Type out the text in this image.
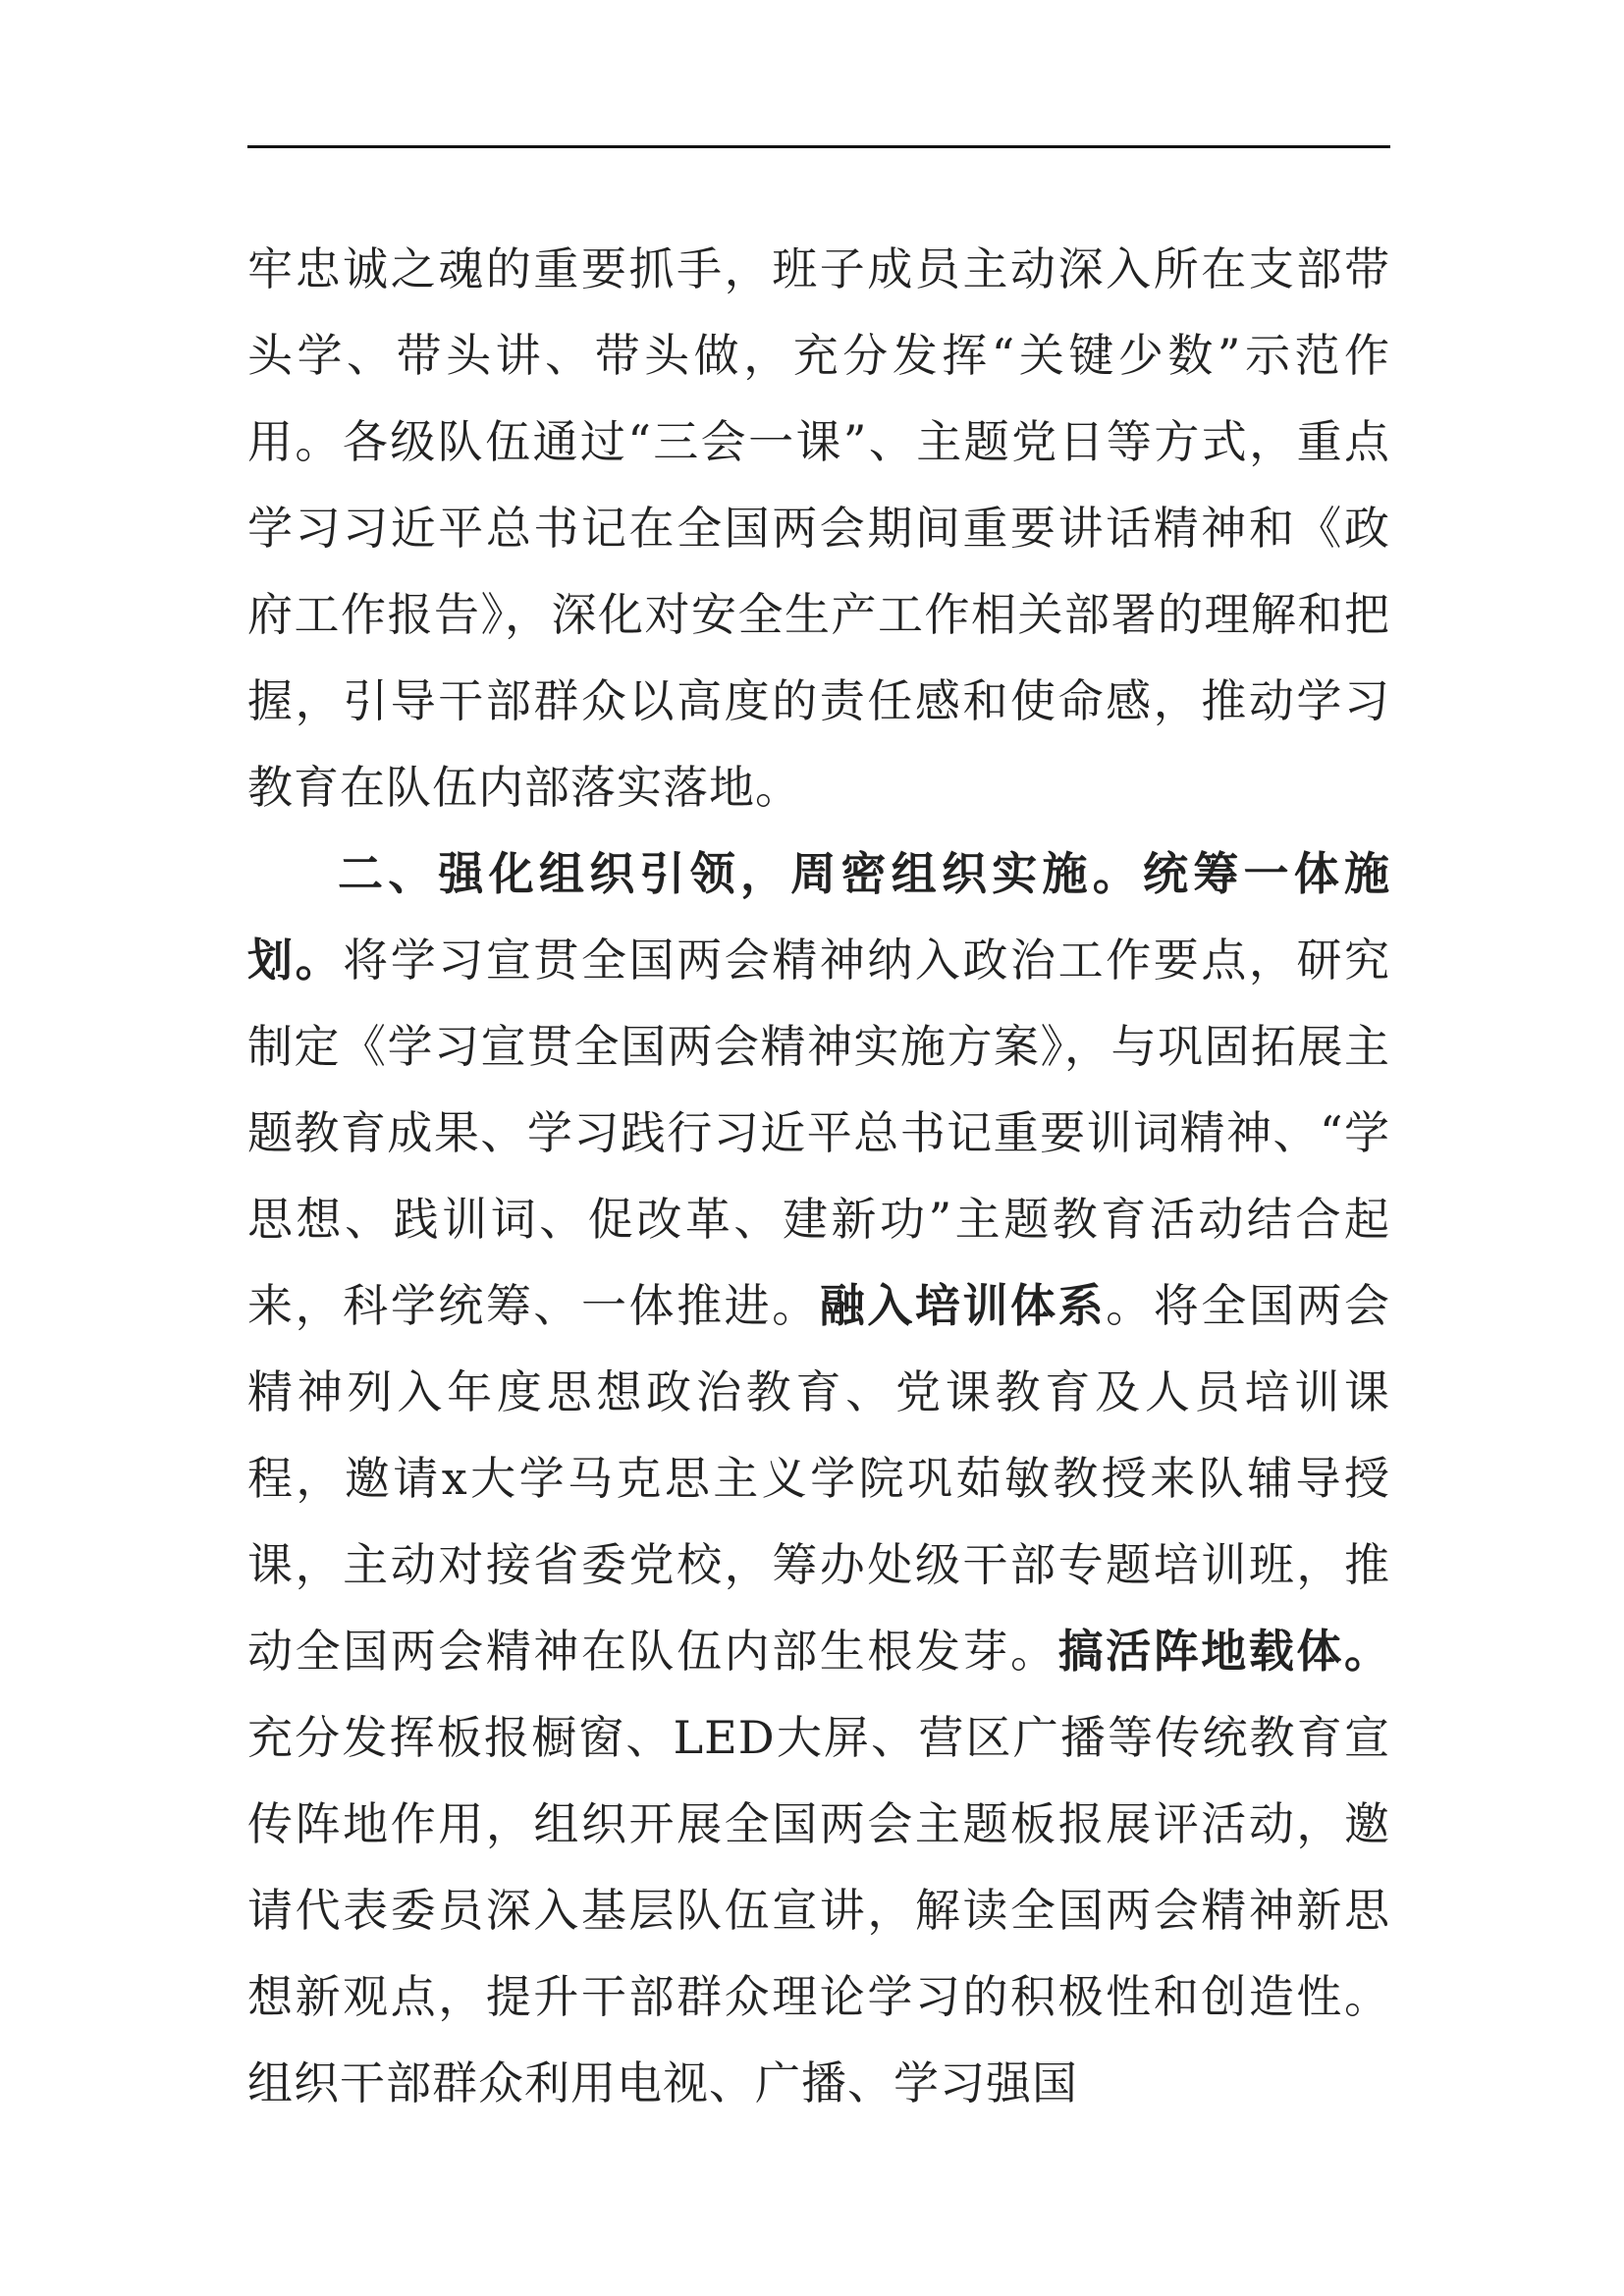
牢忠诚之魂的重要抓手，班子成员主动深入所在支部带头学、带头讲、带头做，充分发挥“关键少数”示范作用。各级队伍通过“三会一课”、主题党日等方式，重点学习习近平总书记在全国两会期间重要讲话精神和《政府工作报告》，深化对安全生产工作相关部署的理解和把握，引导干部群众以高度的责任感和使命感，推动学习教育在队伍内部落实落地。

二、强化组织引领，周密组织实施。统筹一体施划。将学习宣贯全国两会精神纳入政治工作要点，研究制定《学习宣贯全国两会精神实施方案》，与巩固拓展主题教育成果、学习践行习近平总书记重要训词精神、“学思想、践训词、促改革、建新功”主题教育活动结合起来，科学统筹、一体推进。融入培训体系。将全国两会精神列入年度思想政治教育、党课教育及人员培训课程，邀请x大学马克思主义学院巩茹敏教授来队辅导授课，主动对接省委党校，筹办处级干部专题培训班，推动全国两会精神在队伍内部生根发芽。搞活阵地载体。充分发挥板报橱窗、LED大屏、营区广播等传统教育宣传阵地作用，组织开展全国两会主题板报展评活动，邀请代表委员深入基层队伍宣讲，解读全国两会精神新思想新观点，提升干部群众理论学习的积极性和创造性。组织干部群众利用电视、广播、学习强国
